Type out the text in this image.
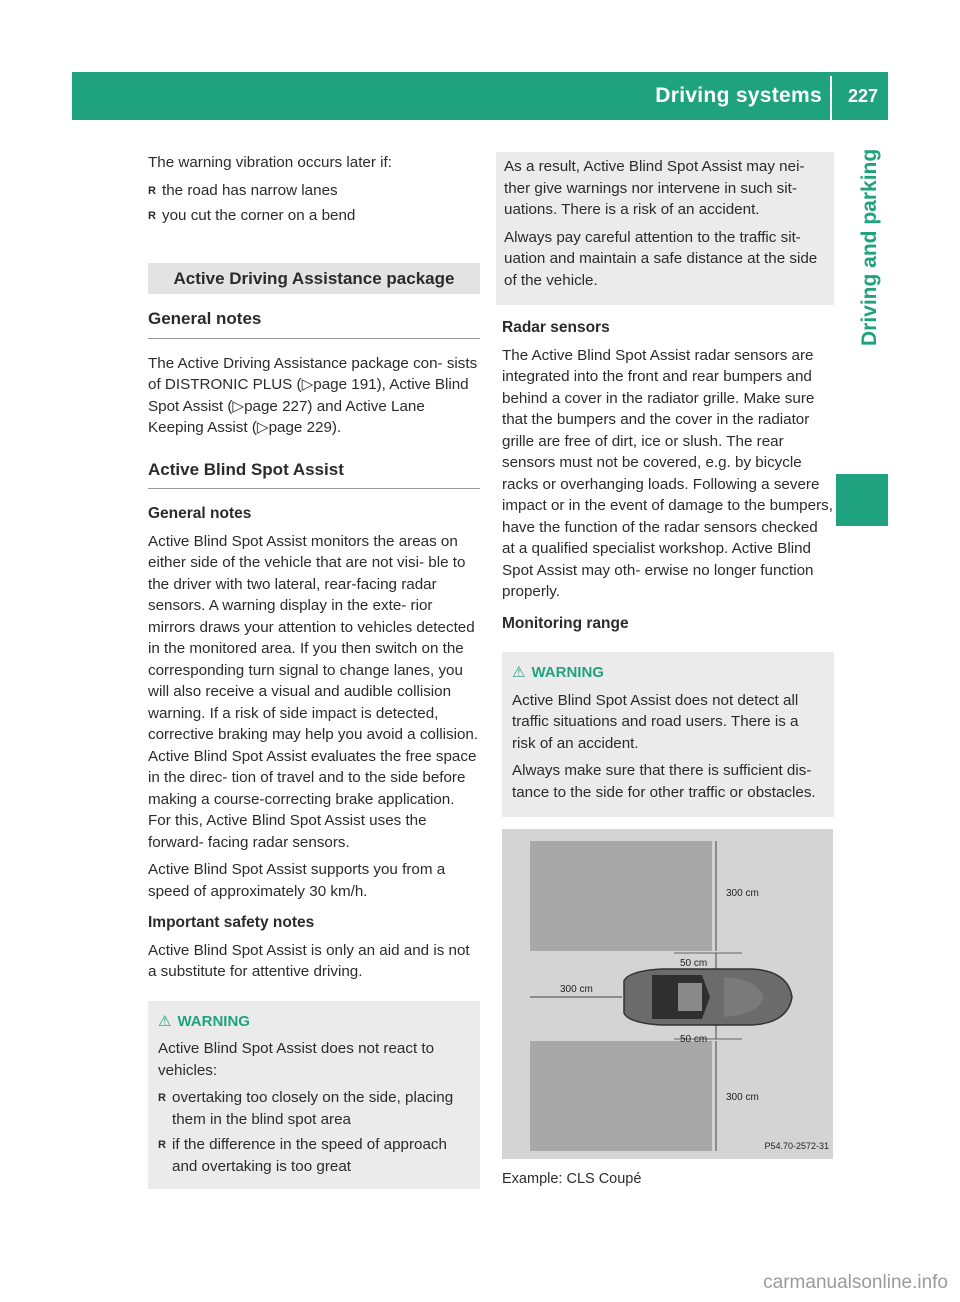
Driving systems 227
Driving and parking

The warning vibration occurs later if:

R the road has narrow lanes
R you cut the corner on a bend
Active Driving Assistance package
General notes

The Active Driving Assistance package con- sists of DISTRONIC PLUS (▷page 191), Active Blind Spot Assist (▷page 227) and Active Lane Keeping Assist (▷page 229).

Active Blind Spot Assist
General notes

Active Blind Spot Assist monitors the areas on either side of the vehicle that are not visi- ble to the driver with two lateral, rear-facing radar sensors. A warning display in the exte- rior mirrors draws your attention to vehicles detected in the monitored area. If you then switch on the corresponding turn signal to change lanes, you will also receive a visual and audible collision warning. If a risk of side impact is detected, corrective braking may help you avoid a collision. Active Blind Spot Assist evaluates the free space in the direc- tion of travel and to the side before making a course-correcting brake application. For this, Active Blind Spot Assist uses the forward- facing radar sensors.

Active Blind Spot Assist supports you from a speed of approximately 30 km/h.

Important safety notes

Active Blind Spot Assist is only an aid and is not a substitute for attentive driving.

⚠ WARNING

Active Blind Spot Assist does not react to vehicles:

R overtaking too closely on the side, placing them in the blind spot area
R if the difference in the speed of approach and overtaking is too great

As a result, Active Blind Spot Assist may nei- ther give warnings nor intervene in such sit- uations. There is a risk of an accident.

Always pay careful attention to the traffic sit- uation and maintain a safe distance at the side of the vehicle.

Radar sensors

The Active Blind Spot Assist radar sensors are integrated into the front and rear bumpers and behind a cover in the radiator grille. Make sure that the bumpers and the cover in the radiator grille are free of dirt, ice or slush. The rear sensors must not be covered, e.g. by bicycle racks or overhanging loads. Following a severe impact or in the event of damage to the bumpers, have the function of the radar sensors checked at a qualified specialist workshop. Active Blind Spot Assist may oth- erwise no longer function properly.

Monitoring range
⚠ WARNING

Active Blind Spot Assist does not detect all traffic situations and road users. There is a risk of an accident.

Always make sure that there is sufficient dis- tance to the side for other traffic or obstacles.

300 cm
50 cm
300 cm
50 cm
300 cm
P54.70-2572-31
Example: CLS Coupé
carmanualsonline.info
